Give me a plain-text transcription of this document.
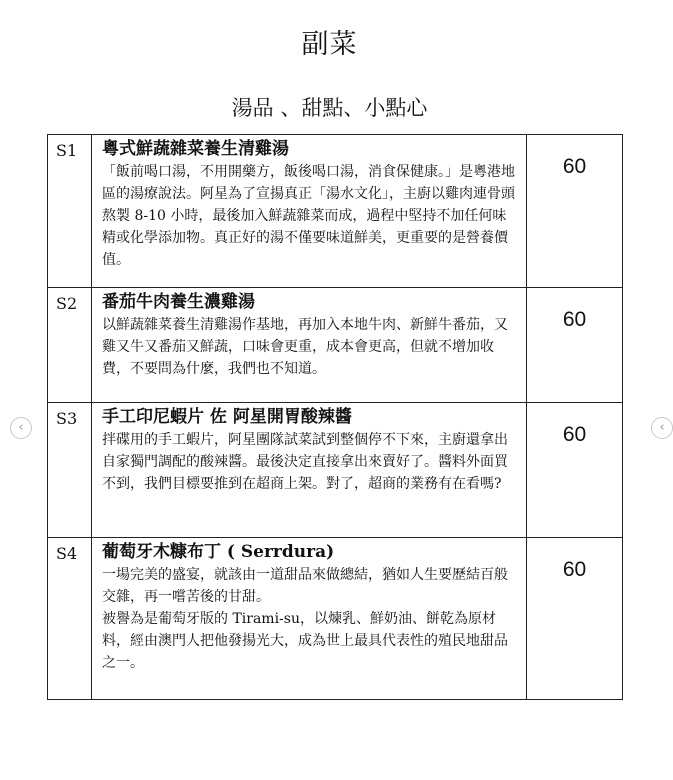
副菜
湯品 、甜點、小點心
S1	粵式鮮蔬雜菜養生清雞湯

「飯前喝口湯，不用開藥方，飯後喝口湯，消食保健康。」是粵港地區的湯療說法。阿星為了宣揚真正「湯水文化」，主廚以雞肉連骨頭熬製 8-10 小時，最後加入鮮蔬雜菜而成，過程中堅持不加任何味精或化學添加物。真正好的湯不僅要味道鮮美，更重要的是營養價值。

60
S2	番茄牛肉養生濃雞湯

以鮮蔬雜菜養生清雞湯作基地，再加入本地牛肉、新鮮牛番茄，又雞又牛又番茄又鮮蔬，口味會更重，成本會更高，但就不增加收費，不要問為什麼，我們也不知道。

60
S3	手工印尼蝦片 佐 阿星開胃酸辣醬

拌碟用的手工蝦片，阿星團隊試菜試到整個停不下來，主廚還拿出自家獨門調配的酸辣醬。最後決定直接拿出來賣好了。醬料外面買不到，我們目標要推到在超商上架。對了，超商的業務有在看嗎?

60
S4	葡萄牙木糠布丁 ( Serrdura)

一場完美的盛宴，就該由一道甜品來做總結，猶如人生要歷結百般交雜，再一嚐苦後的甘甜。

被譽為是葡萄牙版的 Tirami-su，以煉乳、鮮奶油、餅乾為原材料，經由澳門人把他發揚光大，成為世上最具代表性的殖民地甜品之一。

60
‹	‹
